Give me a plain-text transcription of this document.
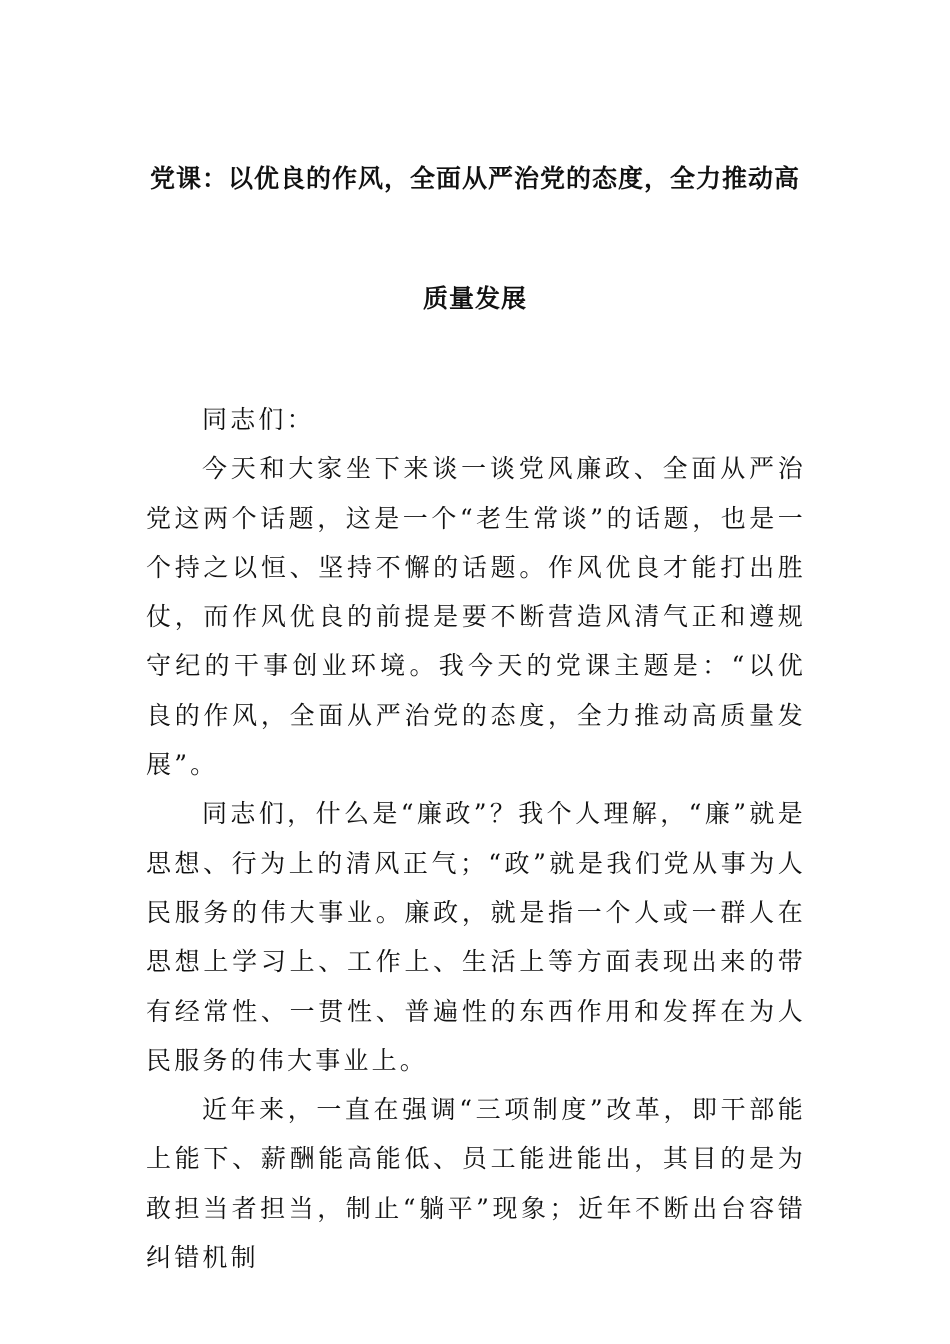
党课：以优良的作风，全面从严治党的态度，全力推动高
质量发展

同志们：

今天和大家坐下来谈一谈党风廉政、全面从严治党这两个话题，这是一个“老生常谈”的话题，也是一个持之以恒、坚持不懈的话题。作风优良才能打出胜仗，而作风优良的前提是要不断营造风清气正和遵规守纪的干事创业环境。我今天的党课主题是：“以优良的作风，全面从严治党的态度，全力推动高质量发展”。

同志们，什么是“廉政”？我个人理解，“廉”就是思想、行为上的清风正气；“政”就是我们党从事为人民服务的伟大事业。廉政，就是指一个人或一群人在思想上学习上、工作上、生活上等方面表现出来的带有经常性、一贯性、普遍性的东西作用和发挥在为人民服务的伟大事业上。

近年来，一直在强调“三项制度”改革，即干部能上能下、薪酬能高能低、员工能进能出，其目的是为敢担当者担当，制止“躺平”现象；近年不断出台容错纠错机制
